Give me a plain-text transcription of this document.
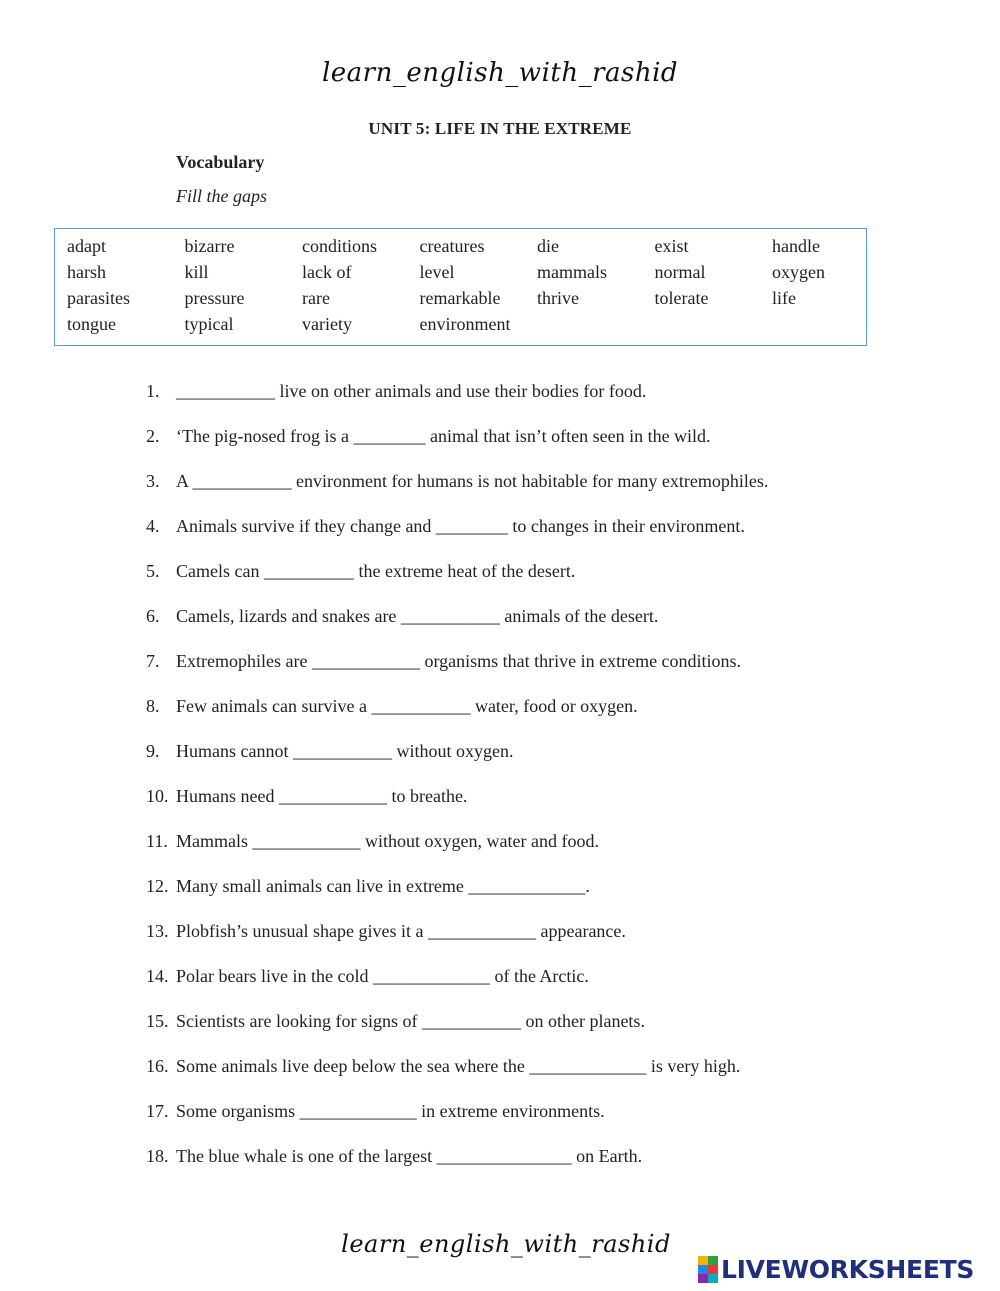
learn_english_with_rashid
UNIT 5: LIFE IN THE EXTREME
Vocabulary
Fill the gaps
adapt	bizarre	conditions	creatures	die	exist	handle
harsh	kill	lack of	level	mammals	normal	oxygen
parasites	pressure	rare	remarkable	thrive	tolerate	life
tongue	typical	variety	environment
1. ___________ live on other animals and use their bodies for food.
2. ‘The pig-nosed frog is a ________ animal that isn’t often seen in the wild.
3. A ___________ environment for humans is not habitable for many extremophiles.
4. Animals survive if they change and ________ to changes in their environment.
5. Camels can __________ the extreme heat of the desert.
6. Camels, lizards and snakes are ___________ animals of the desert.
7. Extremophiles are ____________ organisms that thrive in extreme conditions.
8. Few animals can survive a ___________ water, food or oxygen.
9. Humans cannot ___________ without oxygen.
10. Humans need ____________ to breathe.
11. Mammals ____________ without oxygen, water and food.
12. Many small animals can live in extreme _____________.
13. Plobfish’s unusual shape gives it a ____________ appearance.
14. Polar bears live in the cold _____________ of the Arctic.
15. Scientists are looking for signs of ___________ on other planets.
16. Some animals live deep below the sea where the _____________ is very high.
17. Some organisms _____________ in extreme environments.
18. The blue whale is one of the largest _______________ on Earth.
learn_english_with_rashid
LIVEWORKSHEETS
